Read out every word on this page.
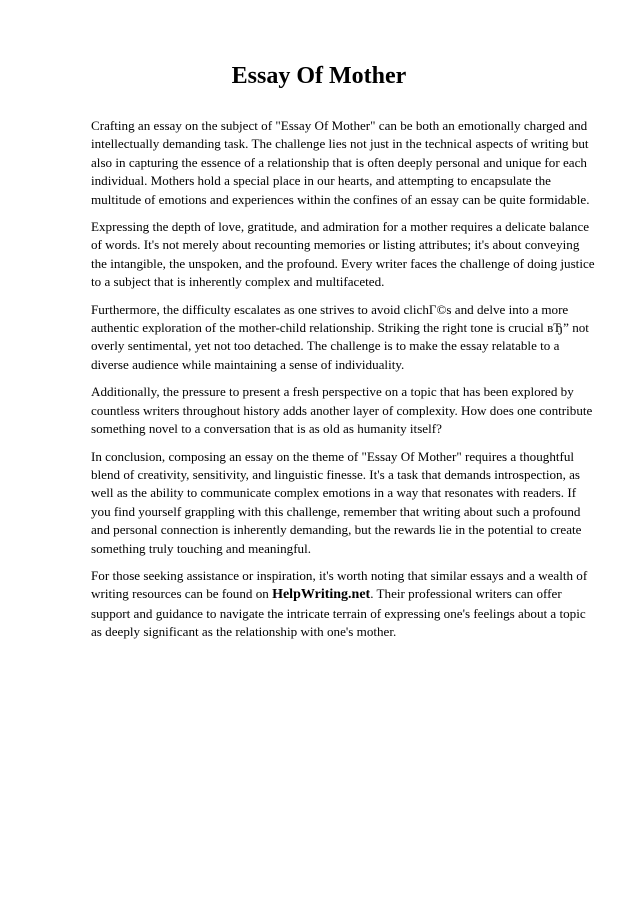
Essay Of Mother

Crafting an essay on the subject of "Essay Of Mother" can be both an emotionally charged and intellectually demanding task. The challenge lies not just in the technical aspects of writing but also in capturing the essence of a relationship that is often deeply personal and unique for each individual. Mothers hold a special place in our hearts, and attempting to encapsulate the multitude of emotions and experiences within the confines of an essay can be quite formidable.

Expressing the depth of love, gratitude, and admiration for a mother requires a delicate balance of words. It's not merely about recounting memories or listing attributes; it's about conveying the intangible, the unspoken, and the profound. Every writer faces the challenge of doing justice to a subject that is inherently complex and multifaceted.

Furthermore, the difficulty escalates as one strives to avoid clichГ©s and delve into a more authentic exploration of the mother-child relationship. Striking the right tone is crucial вЂ” not overly sentimental, yet not too detached. The challenge is to make the essay relatable to a diverse audience while maintaining a sense of individuality.

Additionally, the pressure to present a fresh perspective on a topic that has been explored by countless writers throughout history adds another layer of complexity. How does one contribute something novel to a conversation that is as old as humanity itself?

In conclusion, composing an essay on the theme of "Essay Of Mother" requires a thoughtful blend of creativity, sensitivity, and linguistic finesse. It's a task that demands introspection, as well as the ability to communicate complex emotions in a way that resonates with readers. If you find yourself grappling with this challenge, remember that writing about such a profound and personal connection is inherently demanding, but the rewards lie in the potential to create something truly touching and meaningful.

For those seeking assistance or inspiration, it's worth noting that similar essays and a wealth of writing resources can be found on HelpWriting.net. Their professional writers can offer support and guidance to navigate the intricate terrain of expressing one's feelings about a topic as deeply significant as the relationship with one's mother.
